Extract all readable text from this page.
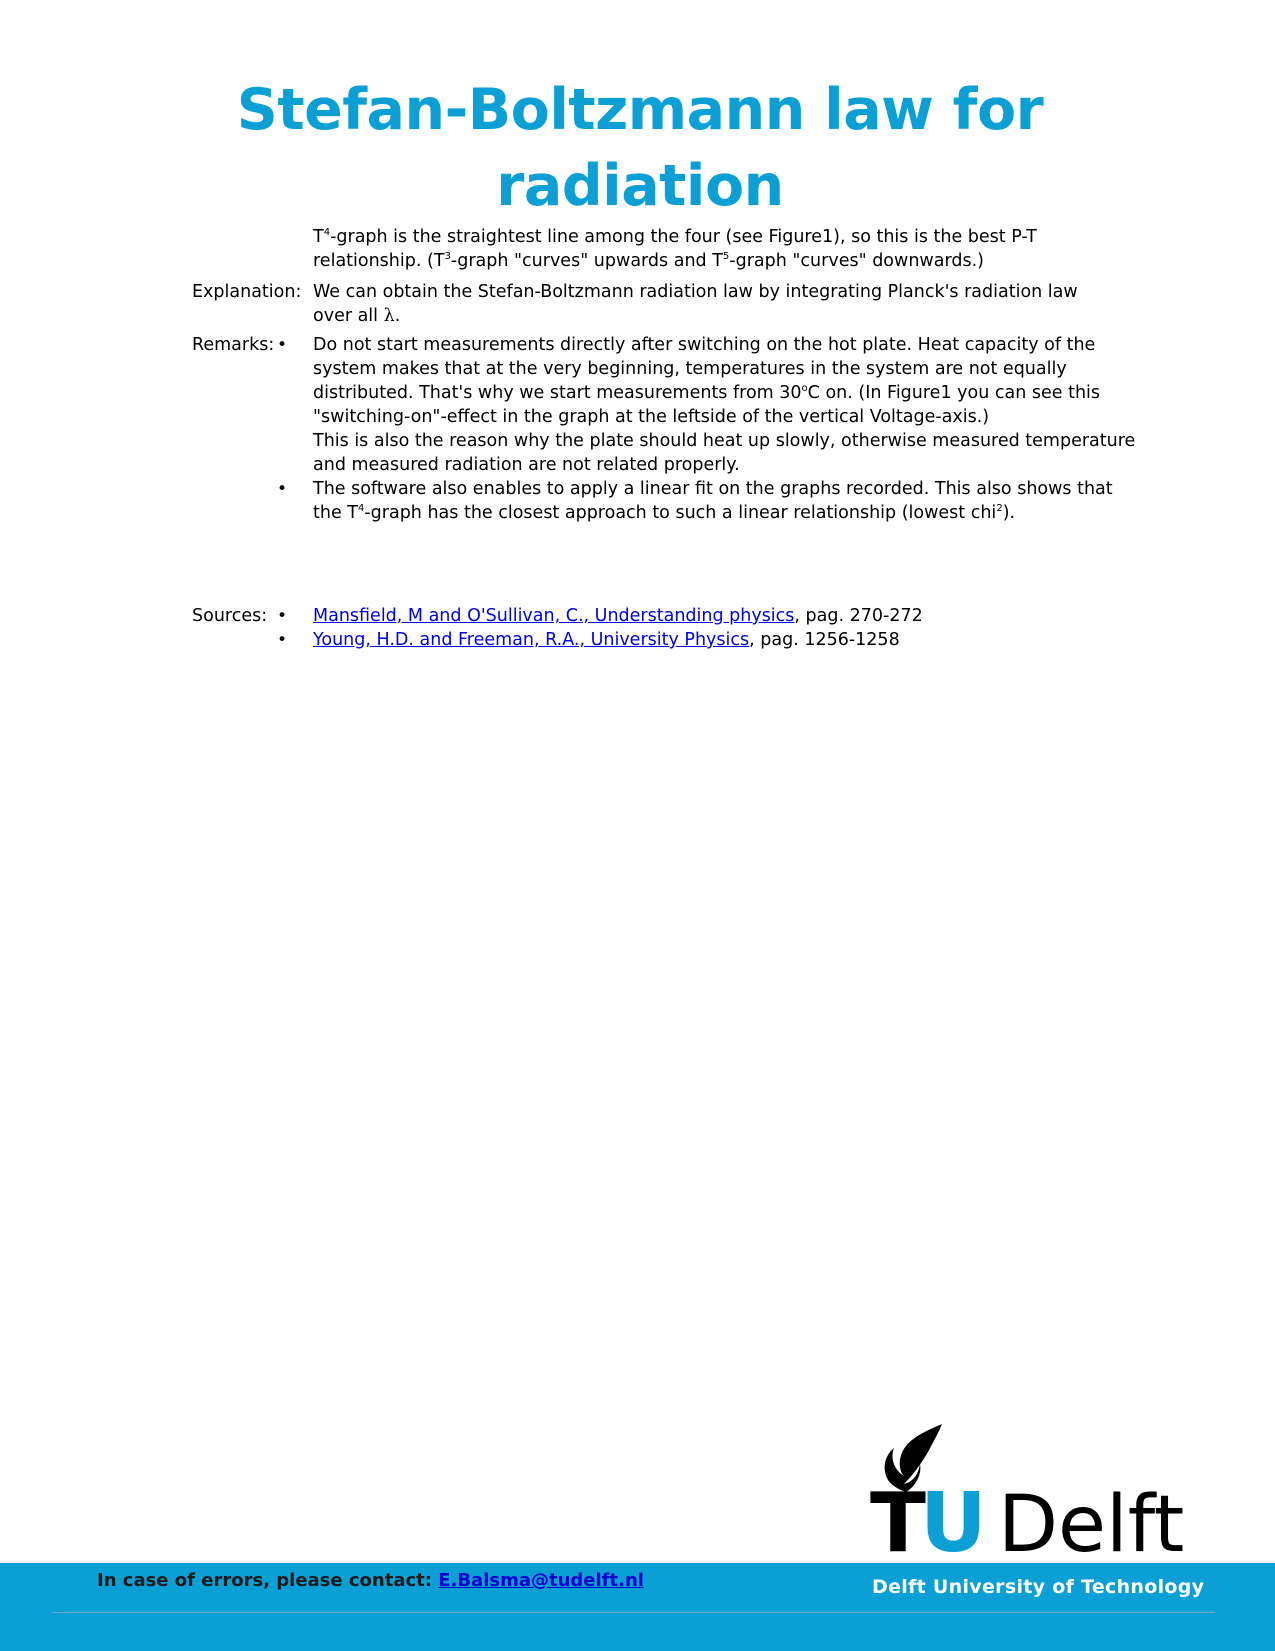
Stefan-Boltzmann law for radiation
$T^4$-graph is the straightest line among the four (see Figure1), so this is the best P-T relationship. ($T^3$-graph "curves" upwards and $T^5$-graph "curves" downwards.)
Explanation: We can obtain the Stefan-Boltzmann radiation law by integrating Planck's radiation law over all λ.
Remarks: • Do not start measurements directly after switching on the hot plate. Heat capacity of the system makes that at the very beginning, temperatures in the system are not equally distributed. That's why we start measurements from 30$^o$C on. (In Figure1 you can see this "switching-on"-effect in the graph at the leftside of the vertical Voltage-axis.)
This is also the reason why the plate should heat up slowly, otherwise measured temperature and measured radiation are not related properly.
• The software also enables to apply a linear fit on the graphs recorded. This also shows that the $T^4$-graph has the closest approach to such a linear relationship (lowest chi$^2$).
Sources: • Mansfield, M and O'Sullivan, C., Understanding physics, pag. 270-272
• Young, H.D. and Freeman, R.A., University Physics, pag. 1256-1258
T
U Delft
In case of errors, please contact: E.Balsma@tudelft.nl	Delft University of Technology
